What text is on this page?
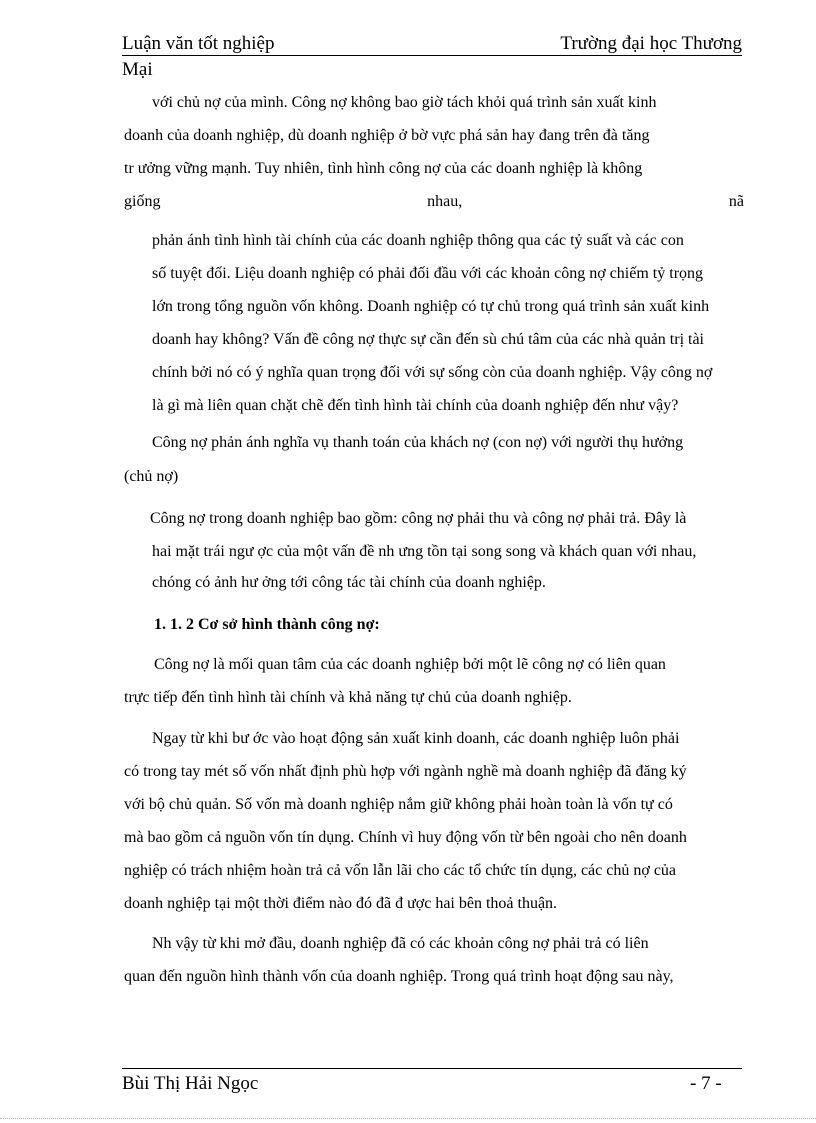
Luận văn tốt nghiệp	Trường đại học Thương
Mại
với chủ nợ của mình. Công nợ không bao giờ tách khỏi quá trình sản xuất kinh
doanh của doanh nghiệp, dù doanh nghiệp ở bờ vực phá sản hay đang trên đà tăng
tr ưởng vững mạnh. Tuy nhiên, tình hình công nợ của các doanh nghiệp là không
giống	nhau,	nã
phản ánh tình hình tài chính của các doanh nghiệp thông qua các tỷ suất và các con
số tuyệt đối. Liệu doanh nghiệp có phải đối đầu với các khoản công nợ chiếm tỷ trọng
lớn trong tổng nguồn vốn không. Doanh nghiệp có tự chủ trong quá trình sản xuất kinh
doanh hay không? Vấn đề công nợ thực sự cần đến sù chú tâm của các nhà quản trị tài
chính bởi nó có ý nghĩa quan trọng đối với sự sống còn của doanh nghiệp. Vậy công nợ
là gì mà liên quan chặt chẽ đến tình hình tài chính của doanh nghiệp đến như vậy?
Công nợ phản ánh nghĩa vụ thanh toán của khách nợ (con nợ) với người thụ hưởng
(chủ nợ)
Công nợ trong doanh nghiệp bao gồm: công nợ phải thu và công nợ phải trả. Đây là
hai mặt trái ngư ợc của một vấn đề nh ưng tồn tại song song và khách quan với nhau,
chóng có ảnh hư ởng tới công tác tài chính của doanh nghiệp.
1. 1. 2 Cơ sở hình thành công nợ:
Công nợ là mối quan tâm của các doanh nghiệp bởi một lẽ công nợ có liên quan
trực tiếp đến tình hình tài chính và khả năng tự chủ của doanh nghiệp.
Ngay từ khi bư ớc vào hoạt động sản xuất kinh doanh, các doanh nghiệp luôn phải
có trong tay mét số vốn nhất định phù hợp với ngành nghề mà doanh nghiệp đã đăng ký
với bộ chủ quản. Số vốn mà doanh nghiệp nắm giữ không phải hoàn toàn là vốn tự có
mà bao gồm cả nguồn vốn tín dụng. Chính vì huy động vốn từ bên ngoài cho nên doanh
nghiệp có trách nhiệm hoàn trả cả vốn lẫn lãi cho các tổ chức tín dụng, các chủ nợ của
doanh nghiệp tại một thời điểm nào đó đã đ ược hai bên thoả thuận.
Nh vậy từ khi mở đầu, doanh nghiệp đã có các khoản công nợ phải trả có liên
quan đến nguồn hình thành vốn của doanh nghiệp. Trong quá trình hoạt động sau này,
Bùi Thị Hải Ngọc	- 7 -
